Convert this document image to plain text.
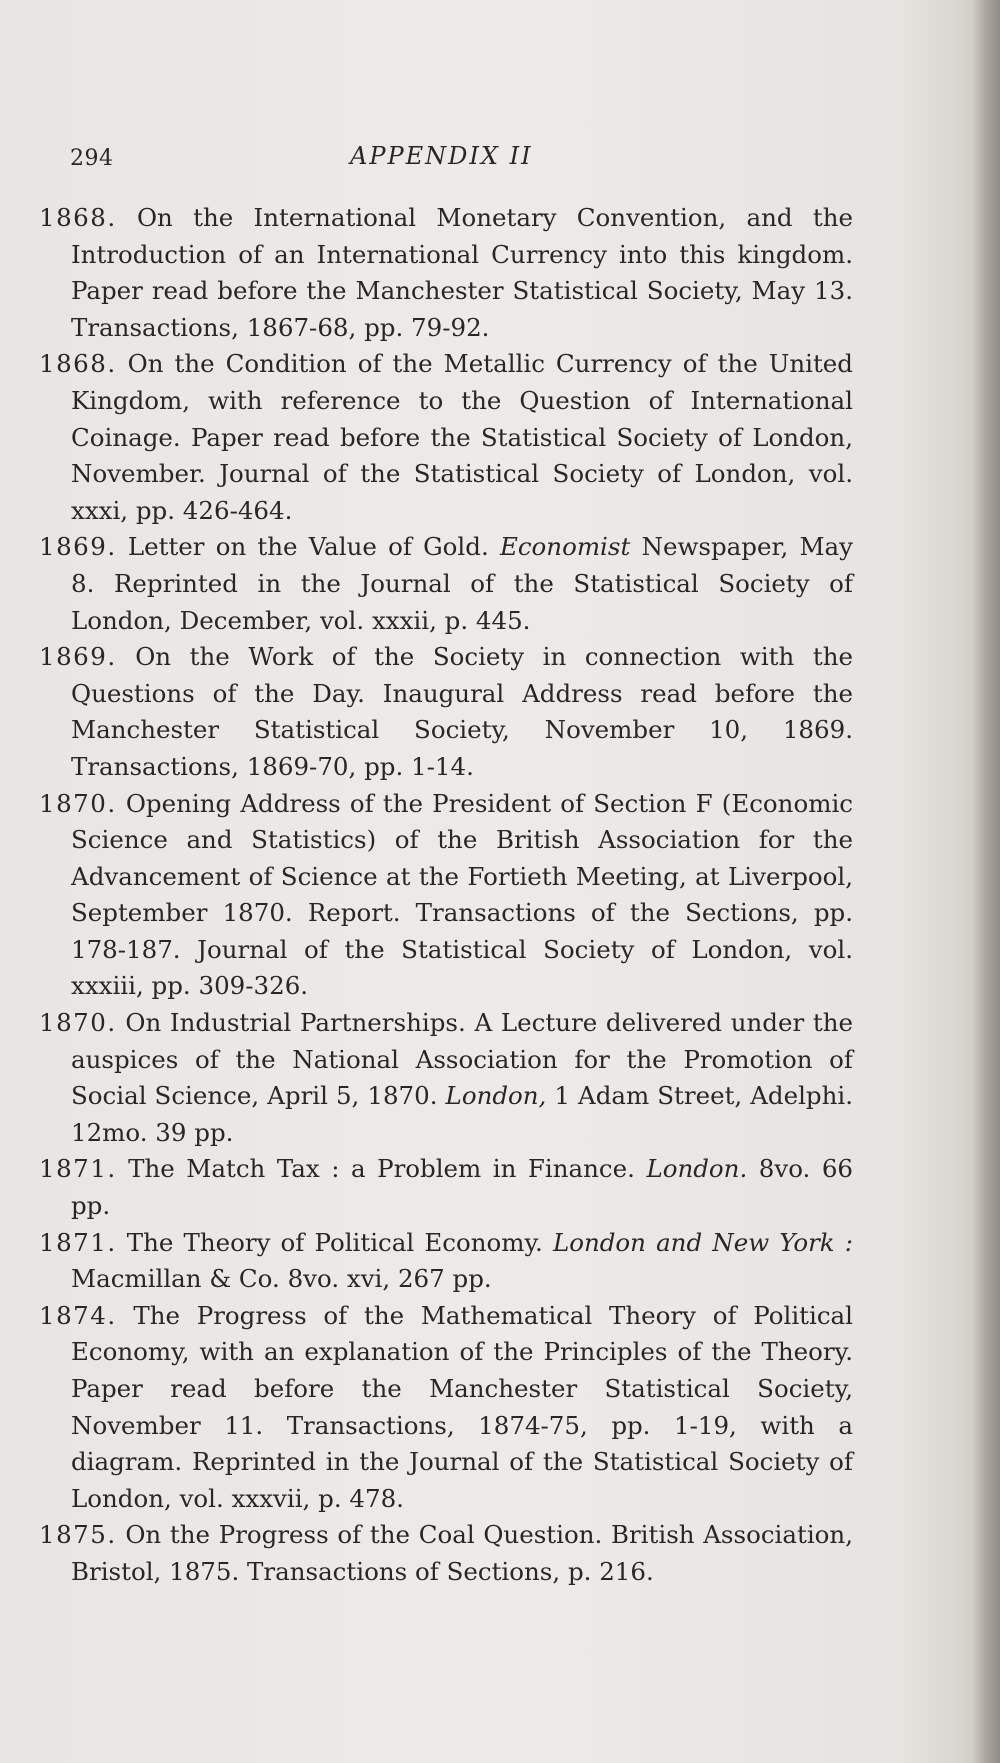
294	APPENDIX II

1868. On the International Monetary Convention, and the Introduction of an International Currency into this kingdom. Paper read before the Manchester Statistical Society, May 13. Transactions, 1867-68, pp. 79-92.

1868. On the Condition of the Metallic Currency of the United Kingdom, with reference to the Question of International Coinage. Paper read before the Statistical Society of London, November. Journal of the Statistical Society of London, vol. xxxi, pp. 426-464.

1869. Letter on the Value of Gold. Economist Newspaper, May 8. Reprinted in the Journal of the Statistical Society of London, December, vol. xxxii, p. 445.

1869. On the Work of the Society in connection with the Questions of the Day. Inaugural Address read before the Manchester Statistical Society, November 10, 1869. Transactions, 1869-70, pp. 1-14.

1870. Opening Address of the President of Section F (Economic Science and Statistics) of the British Association for the Advancement of Science at the Fortieth Meeting, at Liverpool, September 1870. Report. Transactions of the Sections, pp. 178-187. Journal of the Statistical Society of London, vol. xxxiii, pp. 309-326.

1870. On Industrial Partnerships. A Lecture delivered under the auspices of the National Association for the Promotion of Social Science, April 5, 1870. London, 1 Adam Street, Adelphi. 12mo. 39 pp.

1871. The Match Tax : a Problem in Finance. London. 8vo. 66 pp.

1871. The Theory of Political Economy. London and New York : Macmillan & Co. 8vo. xvi, 267 pp.

1874. The Progress of the Mathematical Theory of Political Economy, with an explanation of the Principles of the Theory. Paper read before the Manchester Statistical Society, November 11. Transactions, 1874-75, pp. 1-19, with a diagram. Reprinted in the Journal of the Statistical Society of London, vol. xxxvii, p. 478.

1875. On the Progress of the Coal Question. British Association, Bristol, 1875. Transactions of Sections, p. 216.
